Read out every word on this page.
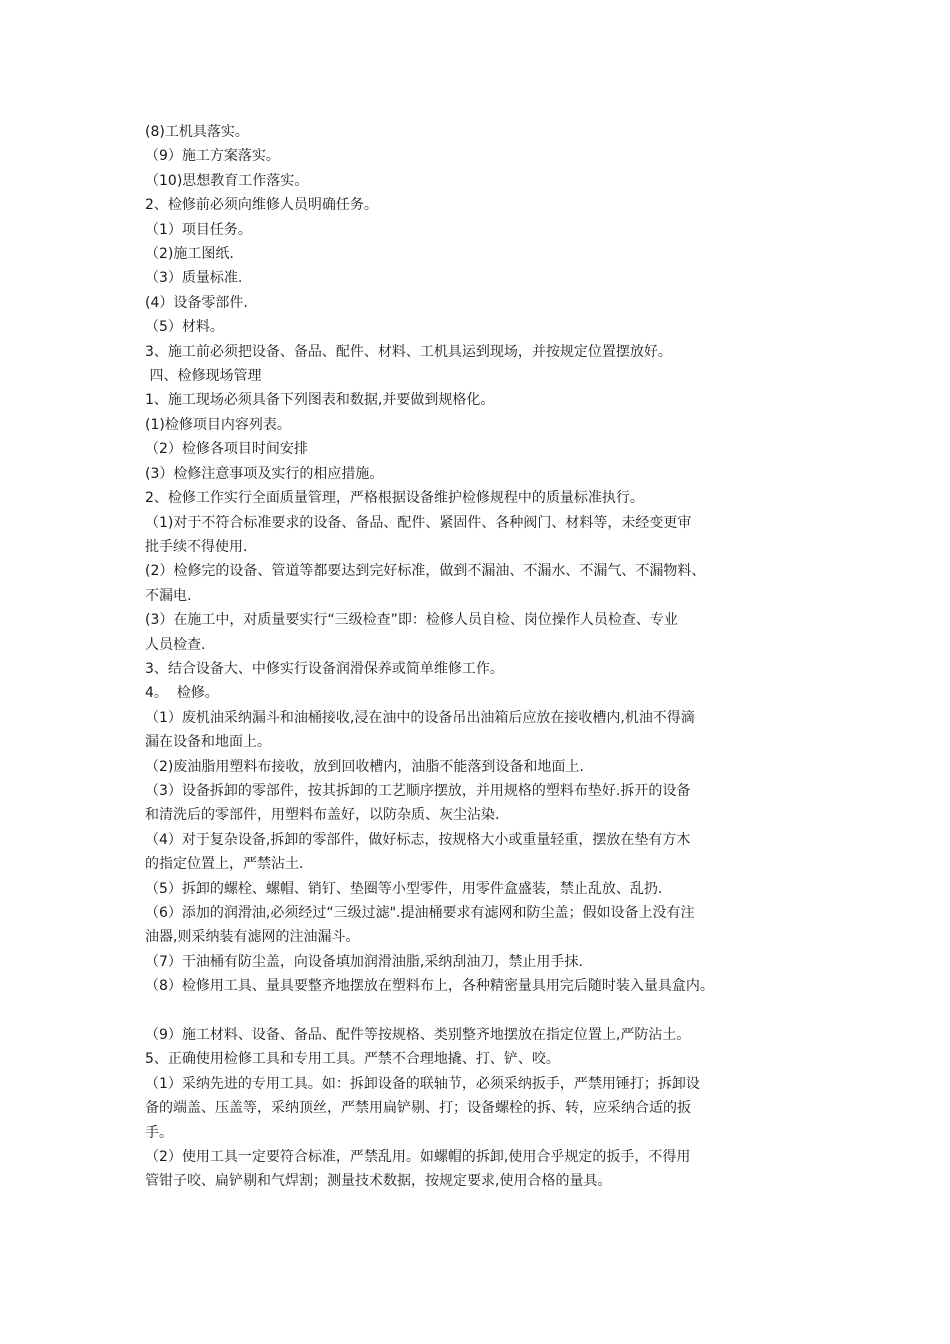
(8)工机具落实。

（9）施工方案落实。

（10)思想教育工作落实。

2、检修前必须向维修人员明确任务。

（1）项目任务。

（2)施工图纸.

（3）质量标准.

(4）设备零部件.

（5）材料。

3、施工前必须把设备、备品、配件、材料、工机具运到现场，并按规定位置摆放好。

四、检修现场管理

1、施工现场必须具备下列图表和数据,并要做到规格化。

(1)检修项目内容列表。

（2）检修各项目时间安排

(3）检修注意事项及实行的相应措施。

2、检修工作实行全面质量管理，严格根据设备维护检修规程中的质量标准执行。

（1)对于不符合标准要求的设备、备品、配件、紧固件、各种阀门、材料等，未经变更审

批手续不得使用.

(2）检修完的设备、管道等都要达到完好标准，做到不漏油、不漏水、不漏气、不漏物料、

不漏电.

(3）在施工中，对质量要实行“三级检查”即：检修人员自检、岗位操作人员检查、专业

人员检查.

3、结合设备大、中修实行设备润滑保养或简单维修工作。

4。  检修。

（1）废机油采纳漏斗和油桶接收,浸在油中的设备吊出油箱后应放在接收槽内,机油不得滴

漏在设备和地面上。

（2)废油脂用塑料布接收，放到回收槽内，油脂不能落到设备和地面上.

（3）设备拆卸的零部件，按其拆卸的工艺顺序摆放，并用规格的塑料布垫好.拆开的设备

和清洗后的零部件，用塑料布盖好，以防杂质、灰尘沾染.

（4）对于复杂设备,拆卸的零部件，做好标志，按规格大小或重量轻重，摆放在垫有方木

的指定位置上，严禁沾土.

（5）拆卸的螺栓、螺帽、销钉、垫圈等小型零件，用零件盒盛装，禁止乱放、乱扔.

（6）添加的润滑油,必须经过“三级过滤".提油桶要求有滤网和防尘盖；假如设备上没有注

油器,则采纳装有滤网的注油漏斗。

（7）干油桶有防尘盖，向设备填加润滑油脂,采纳刮油刀，禁止用手抹.

（8）检修用工具、量具要整齐地摆放在塑料布上，各种精密量具用完后随时装入量具盒内。

（9）施工材料、设备、备品、配件等按规格、类别整齐地摆放在指定位置上,严防沾土。

5、正确使用检修工具和专用工具。严禁不合理地撬、打、铲、咬。

（1）采纳先进的专用工具。如：拆卸设备的联轴节，必须采纳扳手，严禁用锤打；拆卸设

备的端盖、压盖等，采纳顶丝，严禁用扁铲剔、打；设备螺栓的拆、转，应采纳合适的扳

手。

（2）使用工具一定要符合标准，严禁乱用。如螺帽的拆卸,使用合乎规定的扳手，不得用

管钳子咬、扁铲剔和气焊割；测量技术数据，按规定要求,使用合格的量具。
